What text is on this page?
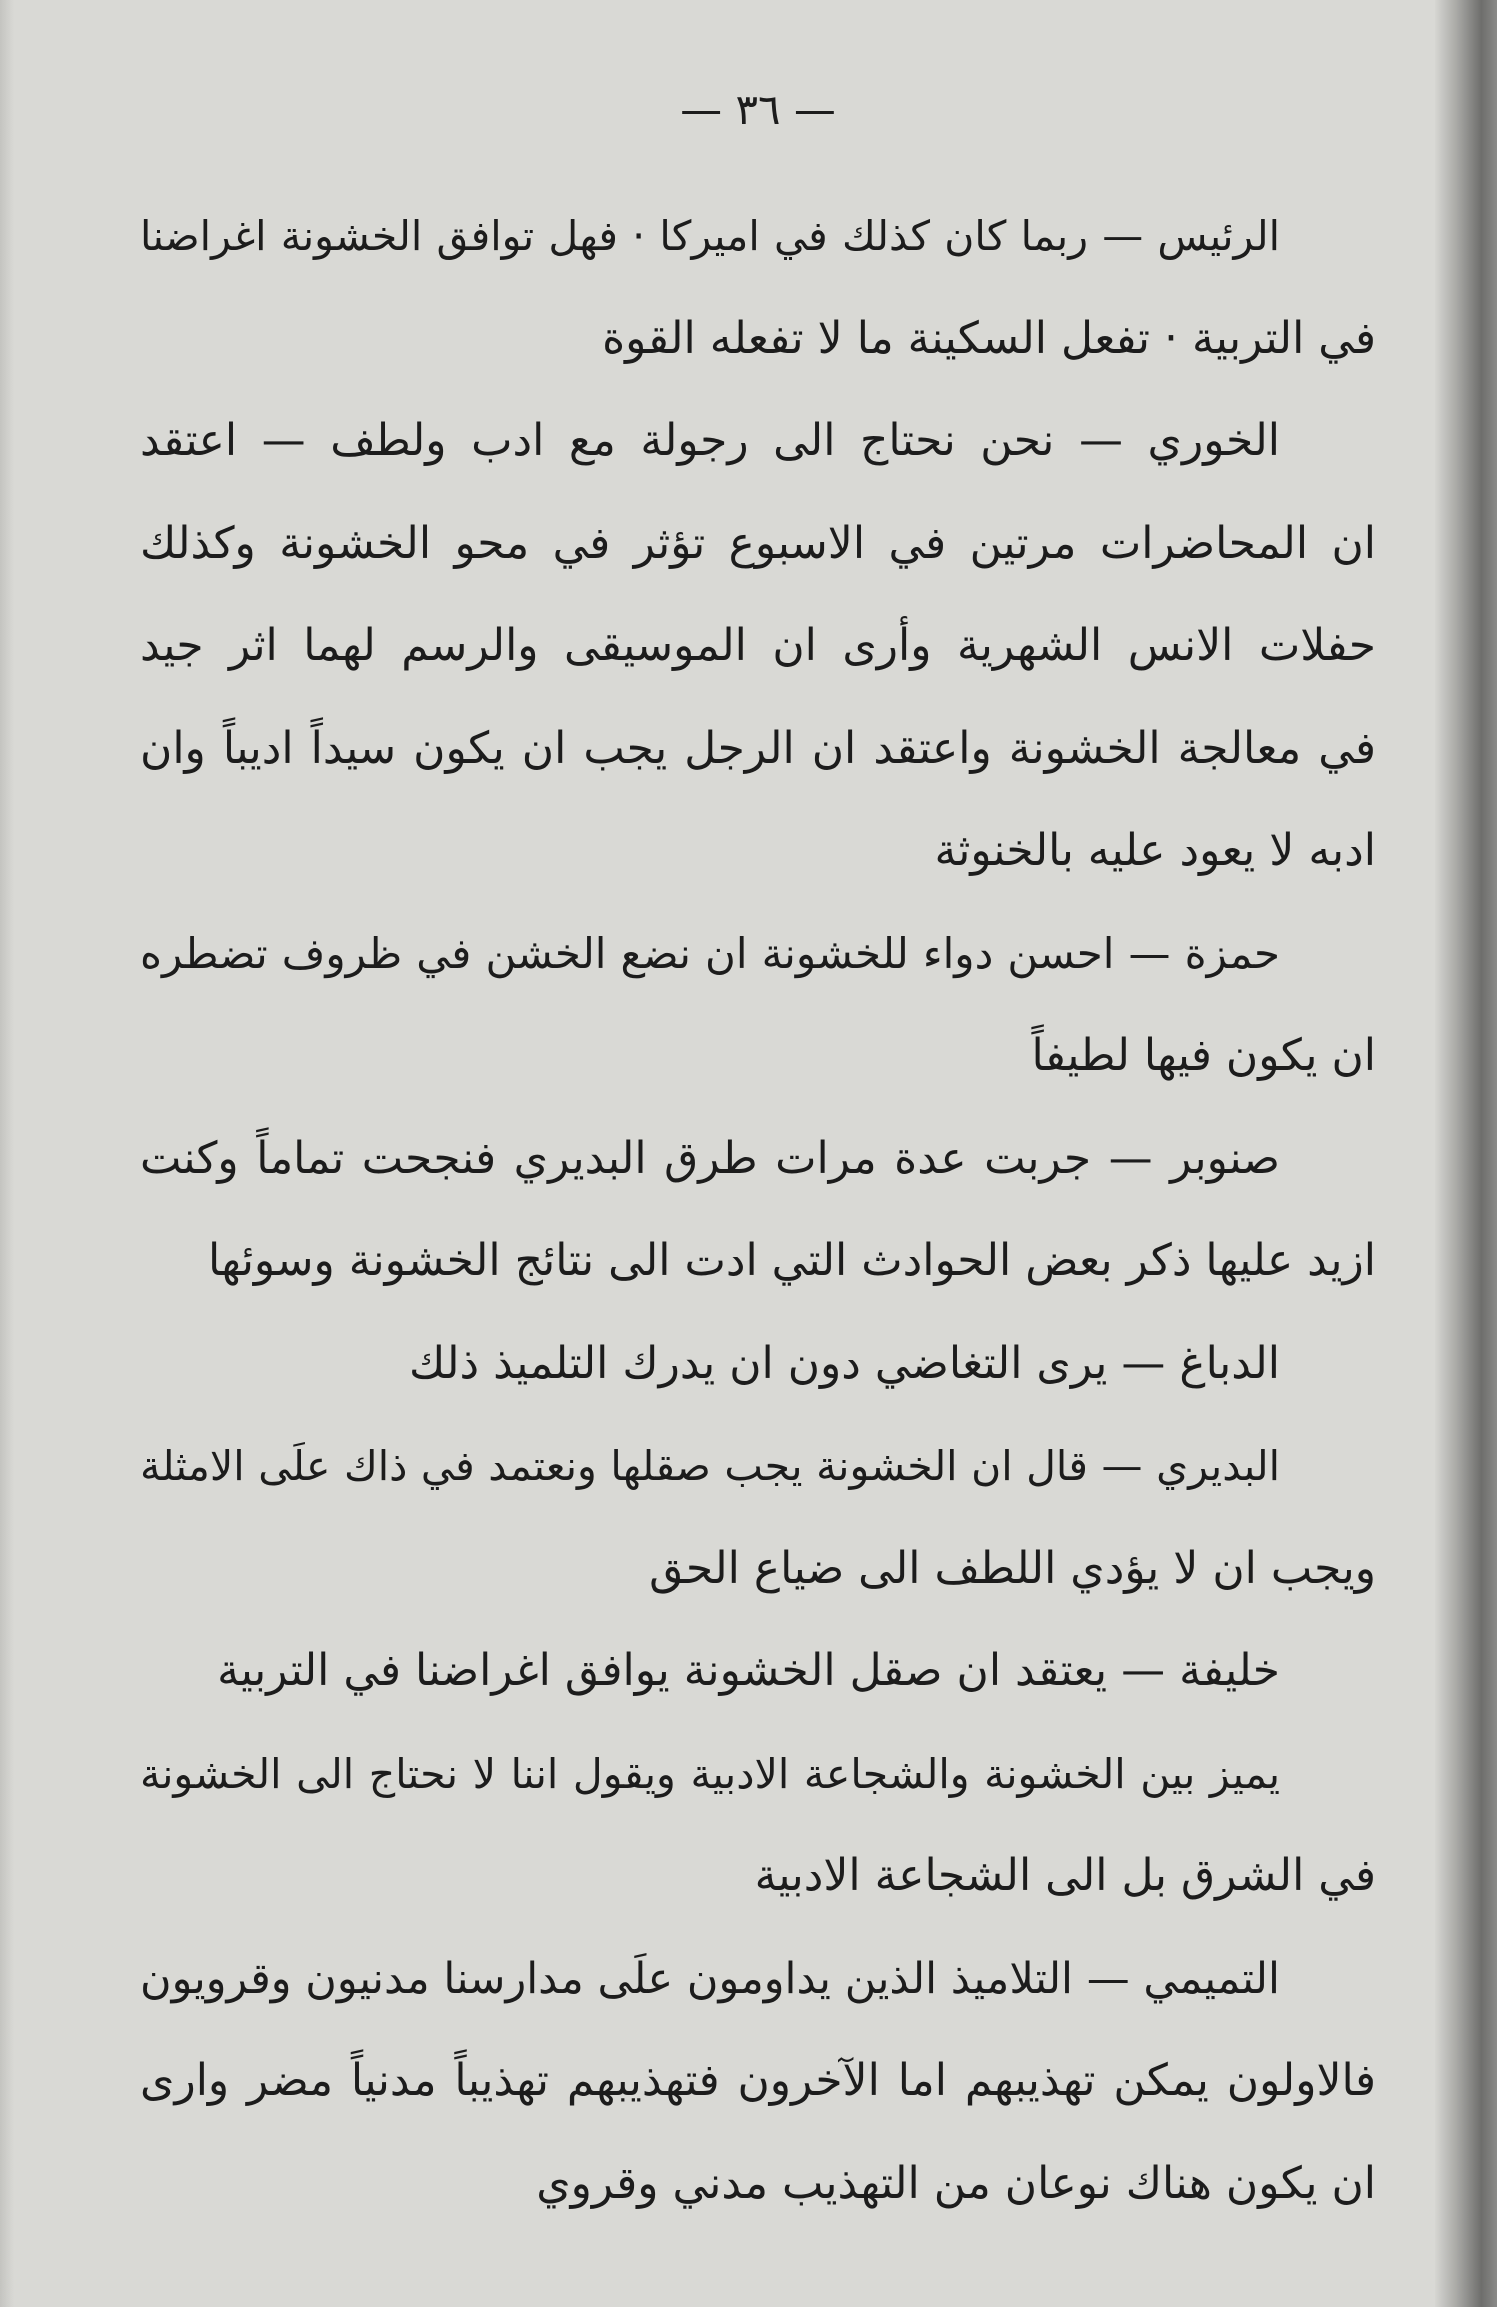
— ٣٦ —
الرئيس — ربما كان كذلك في اميركا · فهل توافق الخشونة اغراضنا
في التربية · تفعل السكينة ما لا تفعله القوة
الخوري — نحن نحتاج الى رجولة مع ادب ولطف — اعتقد
ان المحاضرات مرتين في الاسبوع تؤثر في محو الخشونة وكذلك
حفلات الانس الشهرية وأرى ان الموسيقى والرسم لهما اثر جيد
في معالجة الخشونة واعتقد ان الرجل يجب ان يكون سيداً اديباً وان
ادبه لا يعود عليه بالخنوثة
حمزة — احسن دواء للخشونة ان نضع الخشن في ظروف تضطره
ان يكون فيها لطيفاً
صنوبر — جربت عدة مرات طرق البديري فنجحت تماماً وكنت
ازيد عليها ذكر بعض الحوادث التي ادت الى نتائج الخشونة وسوئها
الدباغ — يرى التغاضي دون ان يدرك التلميذ ذلك
البديري — قال ان الخشونة يجب صقلها ونعتمد في ذاك علَى الامثلة
ويجب ان لا يؤدي اللطف الى ضياع الحق
خليفة — يعتقد ان صقل الخشونة يوافق اغراضنا في التربية
يميز بين الخشونة والشجاعة الادبية ويقول اننا لا نحتاج الى الخشونة
في الشرق بل الى الشجاعة الادبية
التميمي — التلاميذ الذين يداومون علَى مدارسنا مدنيون وقرويون
فالاولون يمكن تهذيبهم اما الآخرون فتهذيبهم تهذيباً مدنياً مضر وارى
ان يكون هناك نوعان من التهذيب مدني وقروي
